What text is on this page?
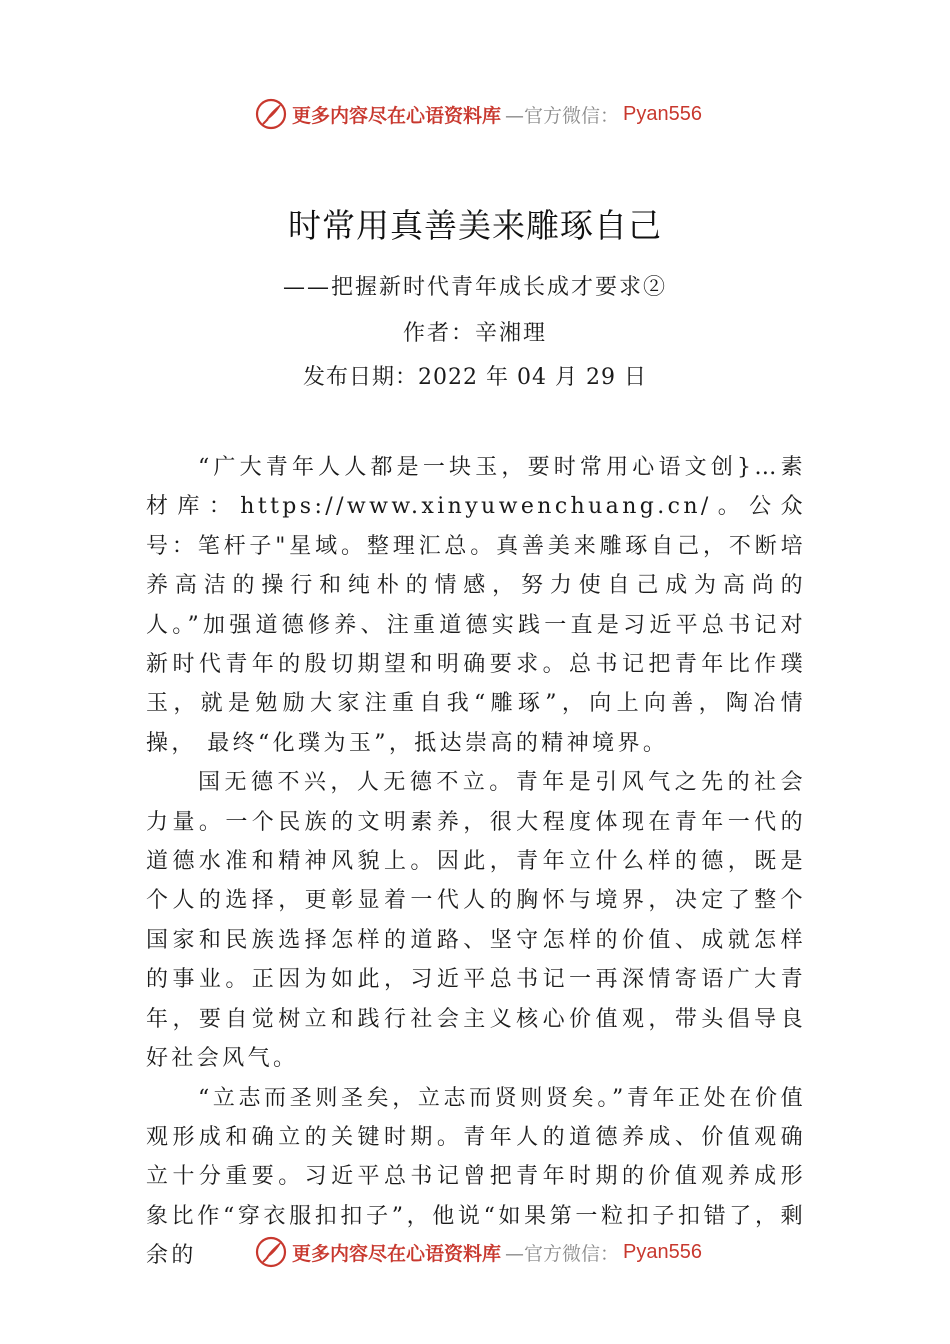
更多内容尽在心语资料库 —官方微信： Pyan556
时常用真善美来雕琢自己
——把握新时代青年成长成才要求②
作者：辛湘理
发布日期：2022 年 04 月 29 日

“广大青年人人都是一块玉，要时常用心语文创}…素材库：https://www.xinyuwenchuang.cn/。公众号：笔杆子"星域。整理汇总。真善美来雕琢自己，不断培养高洁的操行和纯朴的情感，努力使自己成为高尚的人。”加强道德修养、注重道德实践一直是习近平总书记对新时代青年的殷切期望和明确要求。总书记把青年比作璞玉，就是勉励大家注重自我“雕琢”，向上向善，陶冶情操， 最终“化璞为玉”，抵达崇高的精神境界。

国无德不兴，人无德不立。青年是引风气之先的社会力量。一个民族的文明素养，很大程度体现在青年一代的道德水准和精神风貌上。因此，青年立什么样的德，既是个人的选择，更彰显着一代人的胸怀与境界，决定了整个国家和民族选择怎样的道路、坚守怎样的价值、成就怎样的事业。正因为如此，习近平总书记一再深情寄语广大青年，要自觉树立和践行社会主义核心价值观，带头倡导良好社会风气。

“立志而圣则圣矣，立志而贤则贤矣。”青年正处在价值观形成和确立的关键时期。青年人的道德养成、价值观确立十分重要。习近平总书记曾把青年时期的价值观养成形象比作“穿衣服扣扣子”，他说“如果第一粒扣子扣错了，剩余的	更多内容尽在心语资料库 —官方微信： Pyan556
